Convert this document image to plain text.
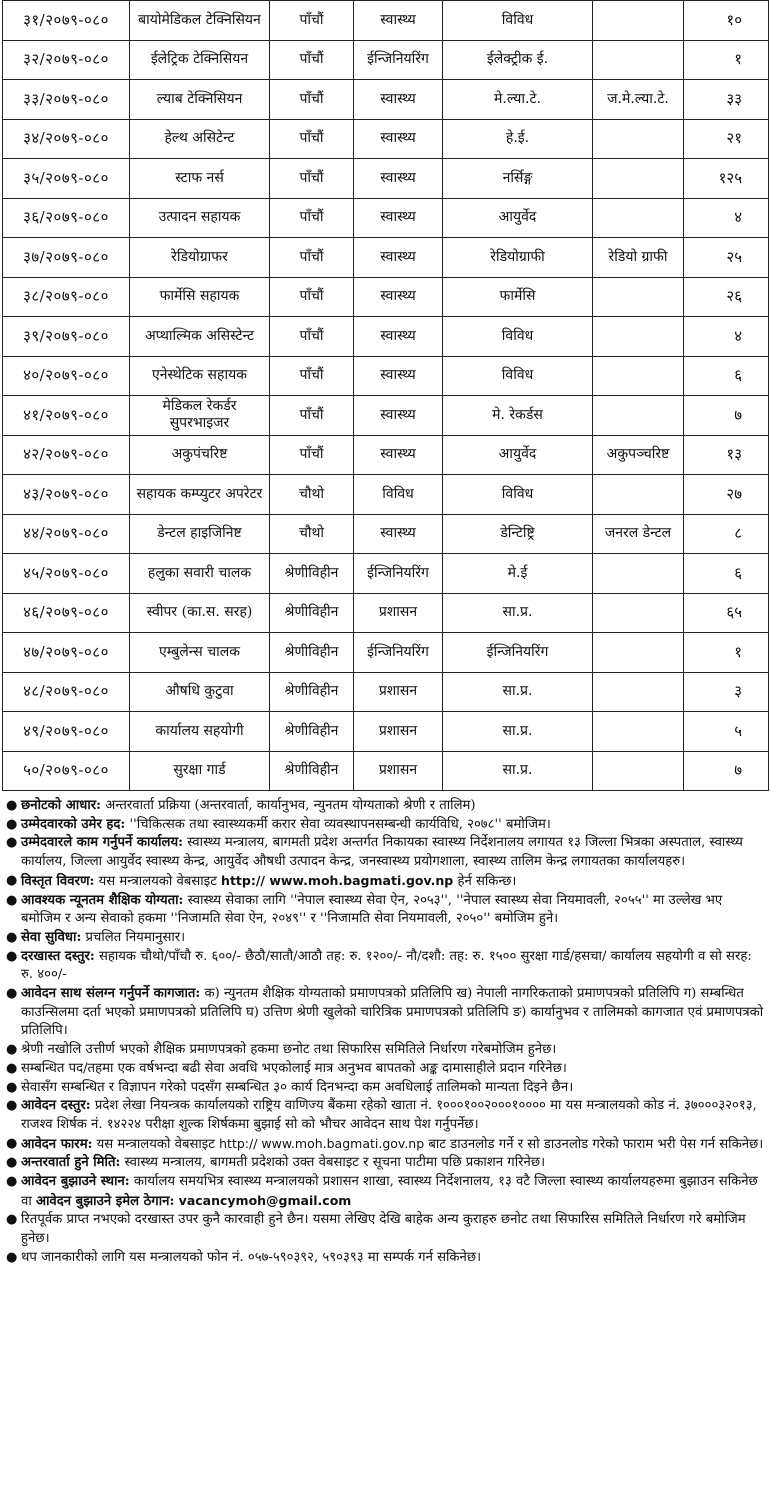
३१/२०७९-०८०	बायोमेडिकल टेक्निसियन	पाँचौं	स्वास्थ्य	विविध		१०
३२/२०७९-०८०	ईलेट्रिक टेक्निसियन	पाँचौं	ईन्जिनियरिंग	ईलेक्ट्रीक ई.		१
३३/२०७९-०८०	ल्याब टेक्निसियन	पाँचौं	स्वास्थ्य	मे.ल्या.टे.	ज.मे.ल्या.टे.	३३
३४/२०७९-०८०	हेल्थ असिटेन्ट	पाँचौं	स्वास्थ्य	हे.ई.		२१
३५/२०७९-०८०	स्टाफ नर्स	पाँचौं	स्वास्थ्य	नर्सिङ्ग		१२५
३६/२०७९-०८०	उत्पादन सहायक	पाँचौं	स्वास्थ्य	आयुर्वेद		४
३७/२०७९-०८०	रेडियोग्राफर	पाँचौं	स्वास्थ्य	रेडियोग्राफी	रेडियो ग्राफी	२५
३८/२०७९-०८०	फार्मेसि सहायक	पाँचौं	स्वास्थ्य	फार्मेसि		२६
३९/२०७९-०८०	अप्थाल्मिक असिस्टेन्ट	पाँचौं	स्वास्थ्य	विविध		४
४०/२०७९-०८०	एनेस्थेटिक सहायक	पाँचौं	स्वास्थ्य	विविध		६
४१/२०७९-०८०	मेडिकल रेकर्डर सुपरभाइजर	पाँचौं	स्वास्थ्य	मे. रेकर्डस		७
४२/२०७९-०८०	अकुपंचरिष्ट	पाँचौं	स्वास्थ्य	आयुर्वेद	अकुपञ्चरिष्ट	१३
४३/२०७९-०८०	सहायक कम्प्युटर अपरेटर	चौथो	विविध	विविध		२७
४४/२०७९-०८०	डेन्टल हाइजिनिष्ट	चौथो	स्वास्थ्य	डेन्टिष्ट्रि	जनरल डेन्टल	८
४५/२०७९-०८०	हलुका सवारी चालक	श्रेणीविहीन	ईन्जिनियरिंग	मे.ई		६
४६/२०७९-०८०	स्वीपर (का.स. सरह)	श्रेणीविहीन	प्रशासन	सा.प्र.		६५
४७/२०७९-०८०	एम्बुलेन्स चालक	श्रेणीविहीन	ईन्जिनियरिंग	ईन्जिनियरिंग		१
४८/२०७९-०८०	औषधि कुटुवा	श्रेणीविहीन	प्रशासन	सा.प्र.		३
४९/२०७९-०८०	कार्यालय सहयोगी	श्रेणीविहीन	प्रशासन	सा.प्र.		५
५०/२०७९-०८०	सुरक्षा गार्ड	श्रेणीविहीन	प्रशासन	सा.प्र.		७
● छनोटको आधार: अन्तरवार्ता प्रक्रिया (अन्तरवार्ता, कार्यानुभव, न्युनतम योग्यताको श्रेणी र तालिम)
● उम्मेदवारको उमेर हद: ''चिकित्सक तथा स्वास्थ्यकर्मी करार सेवा व्यवस्थापनसम्बन्धी कार्यविधि, २०७८'' बमोजिम।
● उम्मेदवारले काम गर्नुपर्ने कार्यालय: स्वास्थ्य मन्त्रालय, बागमती प्रदेश अन्तर्गत निकायका स्वास्थ्य निर्देशनालय लगायत १३ जिल्ला भित्रका अस्पताल, स्वास्थ्य कार्यालय, जिल्ला आयुर्वेद स्वास्थ्य केन्द्र, आयुर्वेद औषधी उत्पादन केन्द्र, जनस्वास्थ्य प्रयोगशाला, स्वास्थ्य तालिम केन्द्र लगायतका कार्यालयहरु।
● विस्तृत विवरण: यस मन्त्रालयको वेबसाइट http:// www.moh.bagmati.gov.np हेर्न सकिन्छ।
● आवश्यक न्यूनतम शैक्षिक योग्यता: स्वास्थ्य सेवाका लागि ''नेपाल स्वास्थ्य सेवा ऐन, २०५३'', ''नेपाल स्वास्थ्य सेवा नियमावली, २०५५'' मा उल्लेख भए बमोजिम र अन्य सेवाको हकमा ''निजामति सेवा ऐन, २०४९'' र ''निजामति सेवा नियमावली, २०५०'' बमोजिम हुने।
● सेवा सुविधा: प्रचलित नियमानुसार।
● दरखास्त दस्तुर: सहायक चौथो/पाँचौ रु. ६००/- छैठौ/सातौ/आठौ तह: रु. १२००/- नौ/दशौ: तह: रु. १५०० सुरक्षा गार्ड/हसचा/ कार्यालय सहयोगी व सो सरह: रु. ४००/-
● आवेदन साथ संलग्न गर्नुपर्ने कागजात: क) न्युनतम शैक्षिक योग्यताको प्रमाणपत्रको प्रतिलिपि ख) नेपाली नागरिकताको प्रमाणपत्रको प्रतिलिपि ग) सम्बन्धित काउन्सिलमा दर्ता भएको प्रमाणपत्रको प्रतिलिपि घ) उत्तिण श्रेणी खुलेको चारित्रिक प्रमाणपत्रको प्रतिलिपि ङ) कार्यानुभव र तालिमको कागजात एवं प्रमाणपत्रको प्रतिलिपि।
● श्रेणी नखोलि उत्तीर्ण भएको शैक्षिक प्रमाणपत्रको हकमा छनोट तथा सिफारिस समितिले निर्धारण गरेबमोजिम हुनेछ।
● सम्बन्धित पद/तहमा एक वर्षभन्दा बढी सेवा अवधि भएकोलाई मात्र अनुभव बापतको अङ्क दामासाहीले प्रदान गरिनेछ।
● सेवासँग सम्बन्धित र विज्ञापन गरेको पदसँग सम्बन्धित ३० कार्य दिनभन्दा कम अवधिलाई तालिमको मान्यता दिइने छैन।
● आवेदन दस्तुर: प्रदेश लेखा नियन्त्रक कार्यालयको राष्ट्रिय वाणिज्य बैंकमा रहेको खाता नं. १०००१००२०००१०००० मा यस मन्त्रालयको कोड नं. ३७०००३२०१३, राजश्व शिर्षक नं. १४२२४ परीक्षा शुल्क शिर्षकमा बुझाई सो को भौचर आवेदन साथ पेश गर्नुपर्नेछ।
● आवेदन फारम: यस मन्त्रालयको वेबसाइट http:// www.moh.bagmati.gov.np बाट डाउनलोड गर्ने र सो डाउनलोड गरेको फाराम भरी पेस गर्न सकिनेछ।
● अन्तरवार्ता हुने मिति: स्वास्थ्य मन्त्रालय, बागमती प्रदेशको उक्त वेबसाइट र सूचना पाटीमा पछि प्रकाशन गरिनेछ।
● आवेदन बुझाउने स्थान: कार्यालय समयभित्र स्वास्थ्य मन्त्रालयको प्रशासन शाखा, स्वास्थ्य निर्देशनालय, १३ वटै जिल्ला स्वास्थ्य कार्यालयहरुमा बुझाउन सकिनेछ वा आवेदन बुझाउने इमेल ठेगान: vacancymoh@gmail.com
● रितपूर्वक प्राप्त नभएको दरखास्त उपर कुनै कारवाही हुने छैन। यसमा लेखिए देखि बाहेक अन्य कुराहरु छनोट तथा सिफारिस समितिले निर्धारण गरे बमोजिम हुनेछ।
● थप जानकारीको लागि यस मन्त्रालयको फोन नं. ०५७-५९०३९२, ५९०३९३ मा सम्पर्क गर्न सकिनेछ।
